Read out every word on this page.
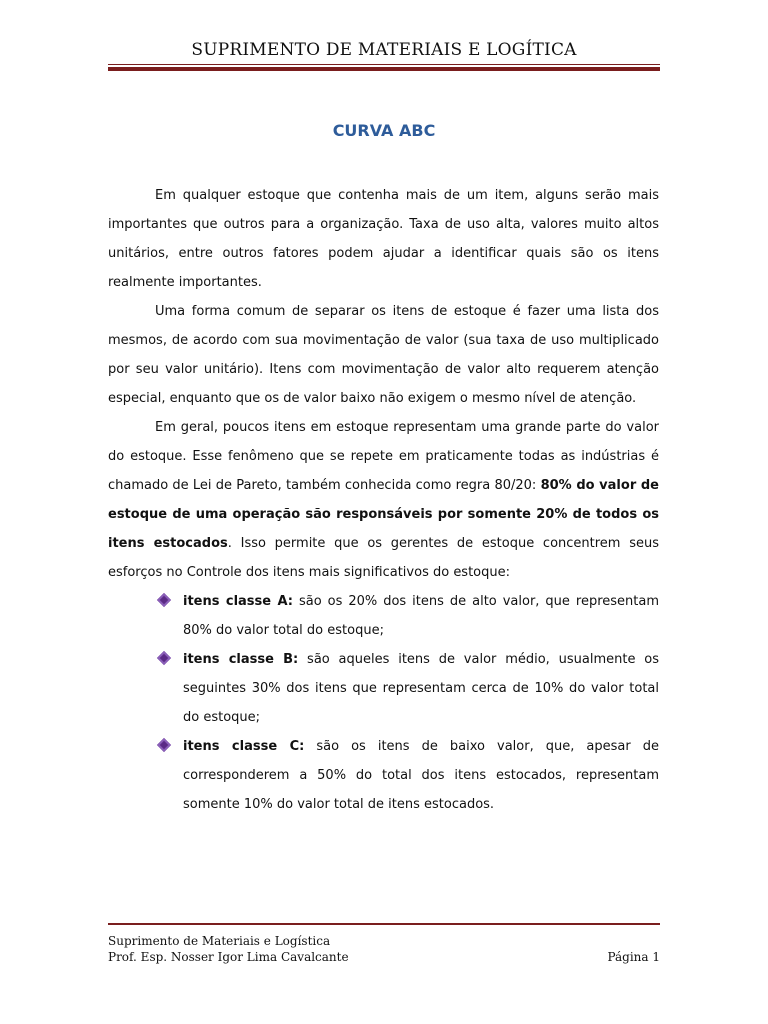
SUPRIMENTO DE MATERIAIS E LOGÍTICA
CURVA ABC

Em qualquer estoque que contenha mais de um item, alguns serão mais importantes que outros para a organização. Taxa de uso alta, valores muito altos unitários, entre outros fatores podem ajudar a identificar quais são os itens realmente importantes.

Uma forma comum de separar os itens de estoque é fazer uma lista dos mesmos, de acordo com sua movimentação de valor (sua taxa de uso multiplicado por seu valor unitário). Itens com movimentação de valor alto requerem atenção especial, enquanto que os de valor baixo não exigem o mesmo nível de atenção.

Em geral, poucos itens em estoque representam uma grande parte do valor do estoque. Esse fenômeno que se repete em praticamente todas as indústrias é chamado de Lei de Pareto, também conhecida como regra 80/20: 80% do valor de estoque de uma operação são responsáveis por somente 20% de todos os itens estocados. Isso permite que os gerentes de estoque concentrem seus esforços no Controle dos itens mais significativos do estoque:

itens classe A: são os 20% dos itens de alto valor, que representam 80% do valor total do estoque;
itens classe B: são aqueles itens de valor médio, usualmente os seguintes 30% dos itens que representam cerca de 10% do valor total do estoque;
itens classe C: são os itens de baixo valor, que, apesar de corresponderem a 50% do total dos itens estocados, representam somente 10% do valor total de itens estocados.
Suprimento de Materiais e Logística
Prof. Esp. Nosser Igor Lima Cavalcante	Página 1
